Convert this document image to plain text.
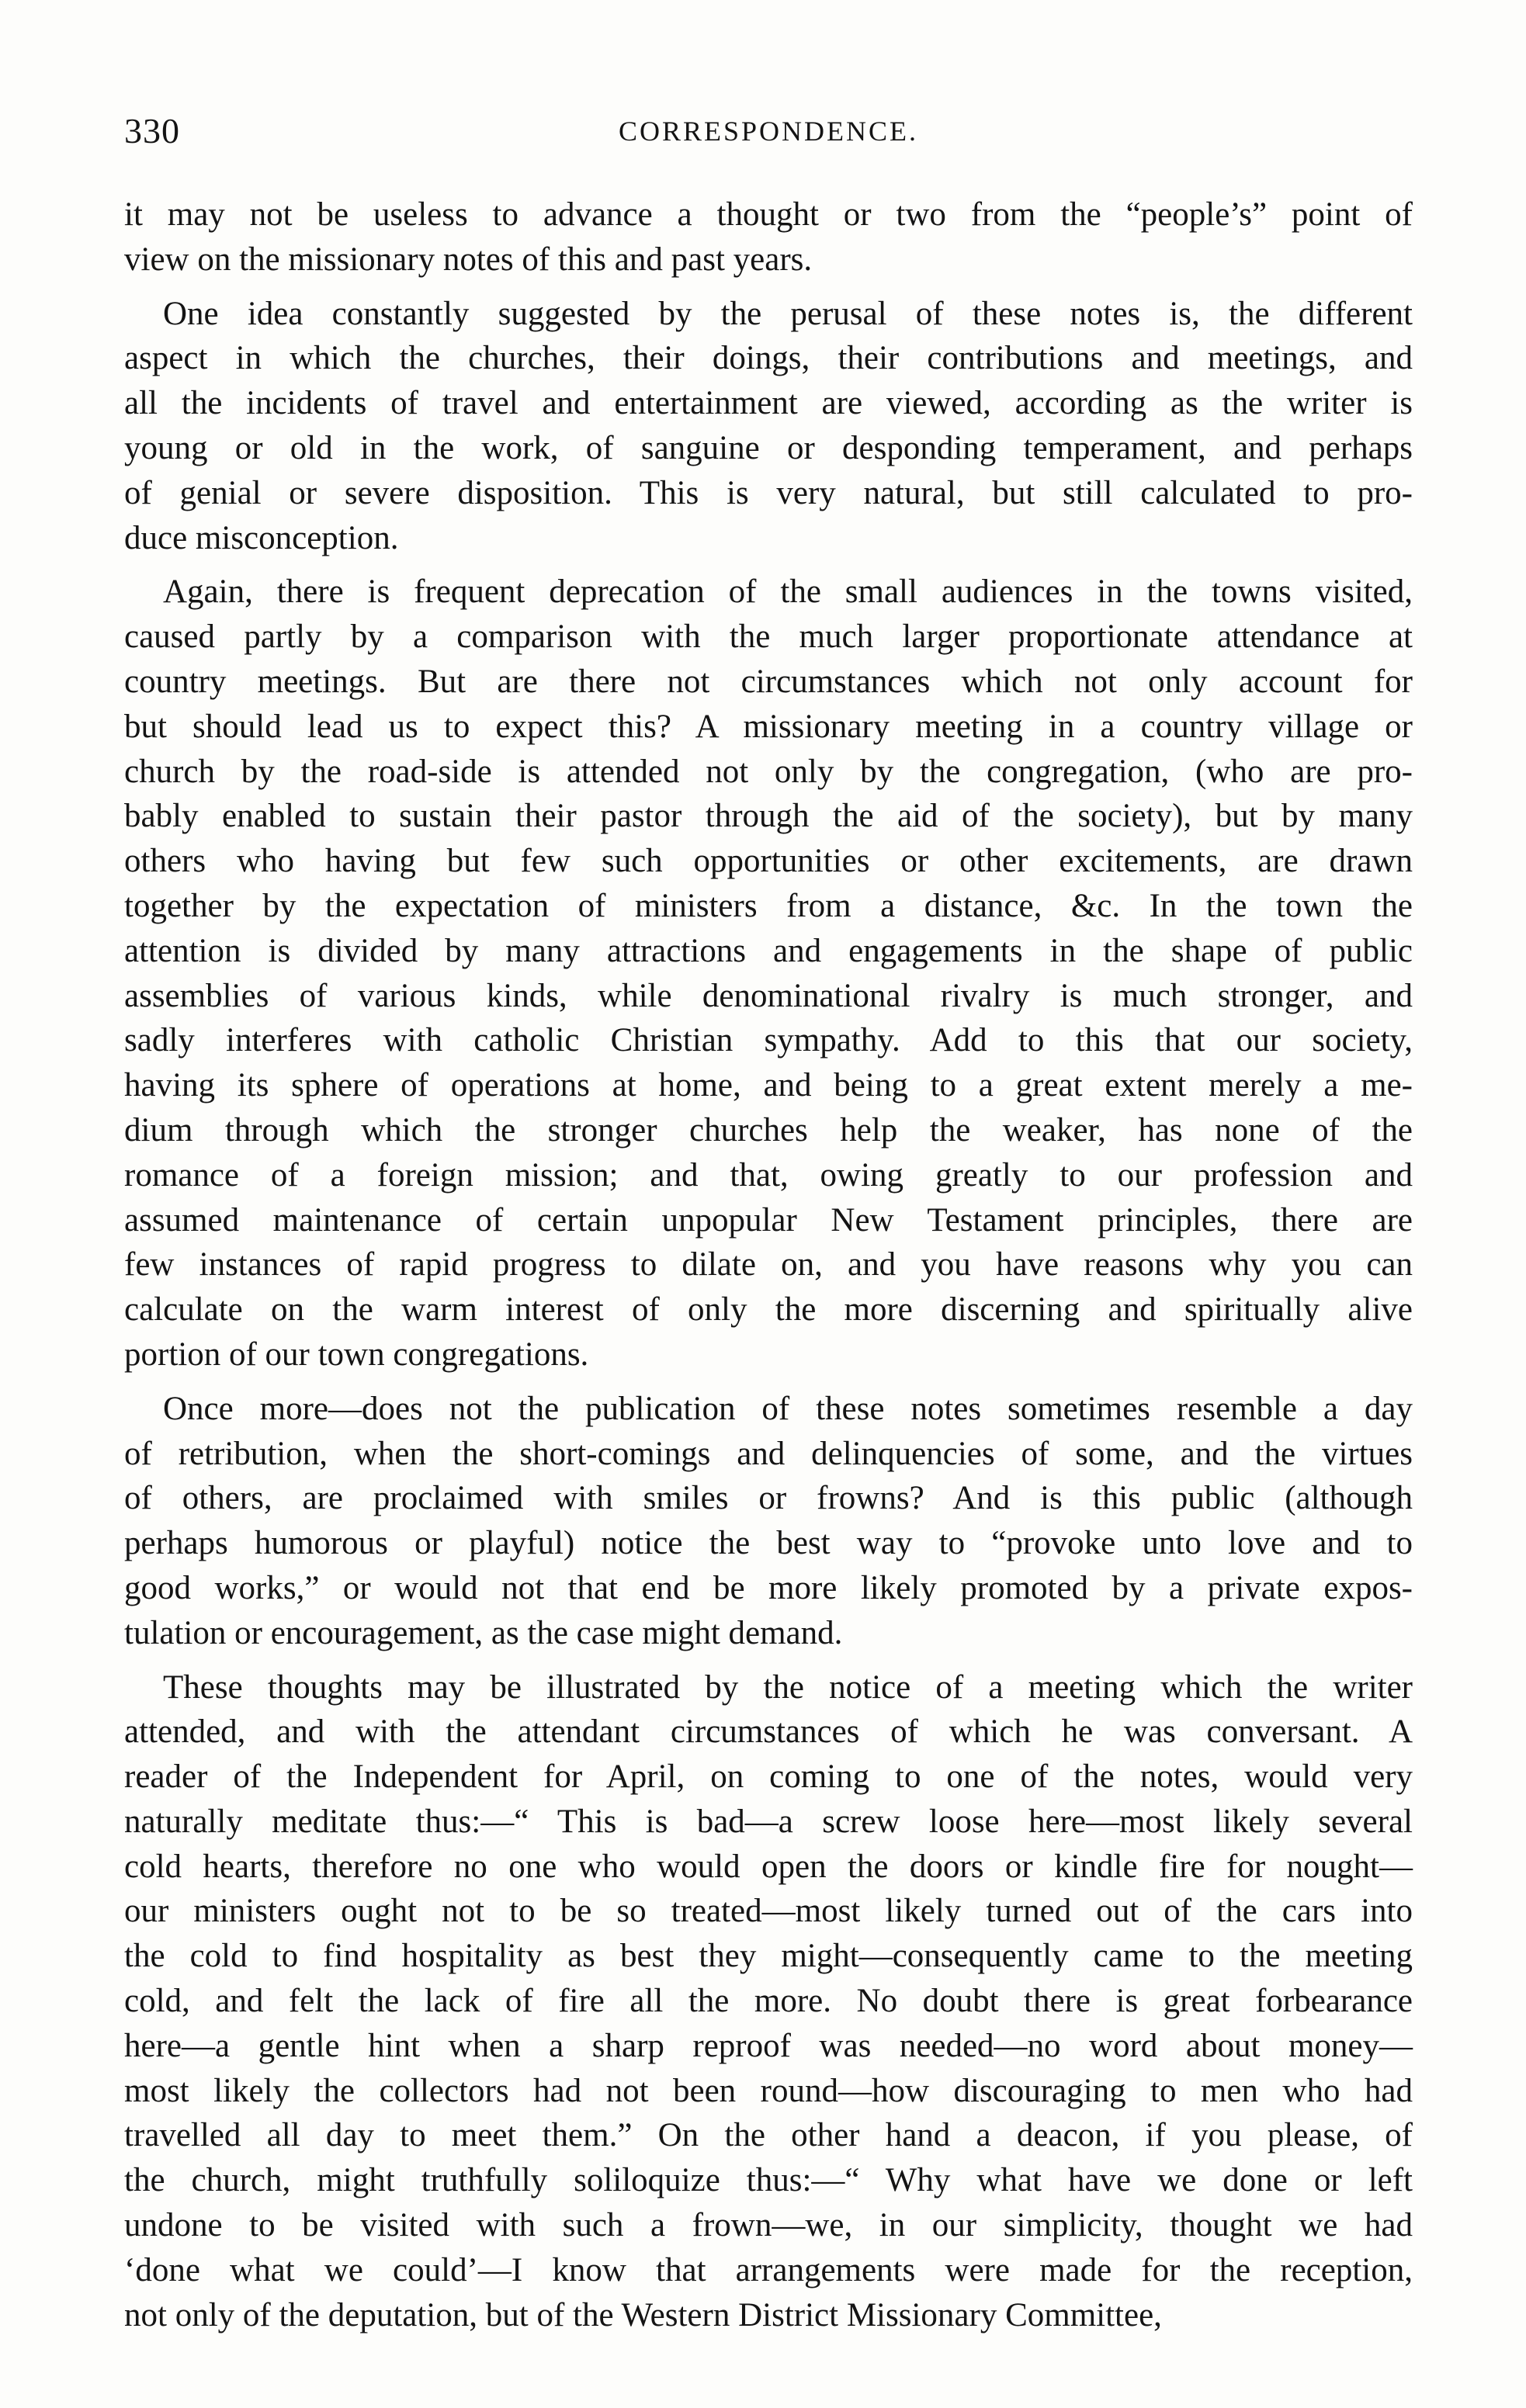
330	CORRESPONDENCE.
it may not be useless to advance a thought or two from the “people’s” point of
view on the missionary notes of this and past years.
One idea constantly suggested by the perusal of these notes is, the different
aspect in which the churches, their doings, their contributions and meetings, and
all the incidents of travel and entertainment are viewed, according as the writer is
young or old in the work, of sanguine or desponding temperament, and perhaps
of genial or severe disposition. This is very natural, but still calculated to pro-
duce misconception.
Again, there is frequent deprecation of the small audiences in the towns visited,
caused partly by a comparison with the much larger proportionate attendance at
country meetings. But are there not circumstances which not only account for
but should lead us to expect this? A missionary meeting in a country village or
church by the road-side is attended not only by the congregation, (who are pro-
bably enabled to sustain their pastor through the aid of the society), but by many
others who having but few such opportunities or other excitements, are drawn
together by the expectation of ministers from a distance, &c. In the town the
attention is divided by many attractions and engagements in the shape of public
assemblies of various kinds, while denominational rivalry is much stronger, and
sadly interferes with catholic Christian sympathy. Add to this that our society,
having its sphere of operations at home, and being to a great extent merely a me-
dium through which the stronger churches help the weaker, has none of the
romance of a foreign mission; and that, owing greatly to our profession and
assumed maintenance of certain unpopular New Testament principles, there are
few instances of rapid progress to dilate on, and you have reasons why you can
calculate on the warm interest of only the more discerning and spiritually alive
portion of our town congregations.
Once more—does not the publication of these notes sometimes resemble a day
of retribution, when the short-comings and delinquencies of some, and the virtues
of others, are proclaimed with smiles or frowns? And is this public (although
perhaps humorous or playful) notice the best way to “provoke unto love and to
good works,” or would not that end be more likely promoted by a private expos-
tulation or encouragement, as the case might demand.
These thoughts may be illustrated by the notice of a meeting which the writer
attended, and with the attendant circumstances of which he was conversant. A
reader of the Independent for April, on coming to one of the notes, would very
naturally meditate thus:—“ This is bad—a screw loose here—most likely several
cold hearts, therefore no one who would open the doors or kindle fire for nought—
our ministers ought not to be so treated—most likely turned out of the cars into
the cold to find hospitality as best they might—consequently came to the meeting
cold, and felt the lack of fire all the more. No doubt there is great forbearance
here—a gentle hint when a sharp reproof was needed—no word about money—
most likely the collectors had not been round—how discouraging to men who had
travelled all day to meet them.” On the other hand a deacon, if you please, of
the church, might truthfully soliloquize thus:—“ Why what have we done or left
undone to be visited with such a frown—we, in our simplicity, thought we had
‘done what we could’—I know that arrangements were made for the reception,
not only of the deputation, but of the Western District Missionary Committee,
